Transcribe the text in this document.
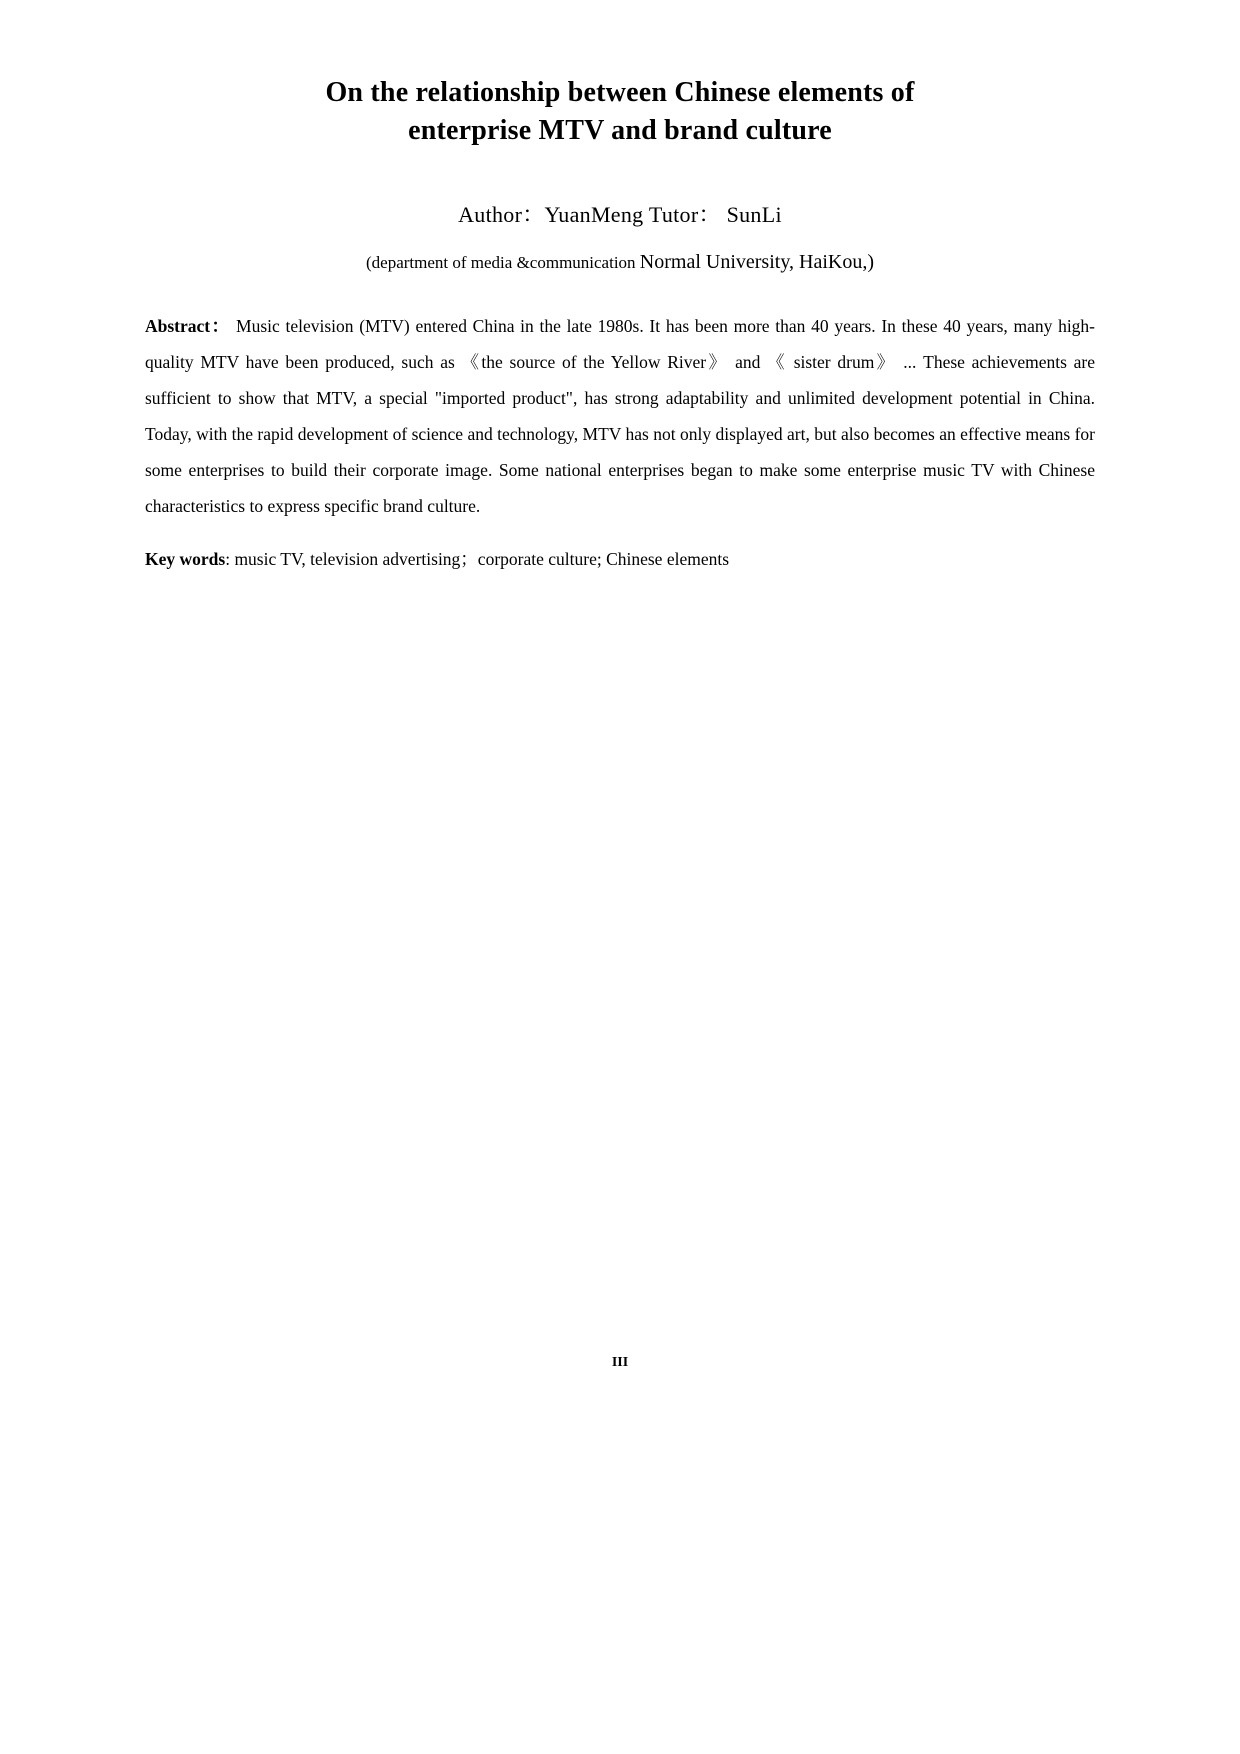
On the relationship between Chinese elements of
enterprise MTV and brand culture
Author：YuanMeng Tutor： SunLi
(department of media &communication Normal University, HaiKou,)

Abstract： Music television (MTV) entered China in the late 1980s. It has been more than 40 years. In these 40 years, many high-quality MTV have been produced, such as 《the source of the Yellow River》 and 《 sister drum》 ... These achievements are sufficient to show that MTV, a special "imported product", has strong adaptability and unlimited development potential in China. Today, with the rapid development of science and technology, MTV has not only displayed art, but also becomes an effective means for some enterprises to build their corporate image. Some national enterprises began to make some enterprise music TV with Chinese characteristics to express specific brand culture.

Key words: music TV, television advertising；corporate culture; Chinese elements

III
